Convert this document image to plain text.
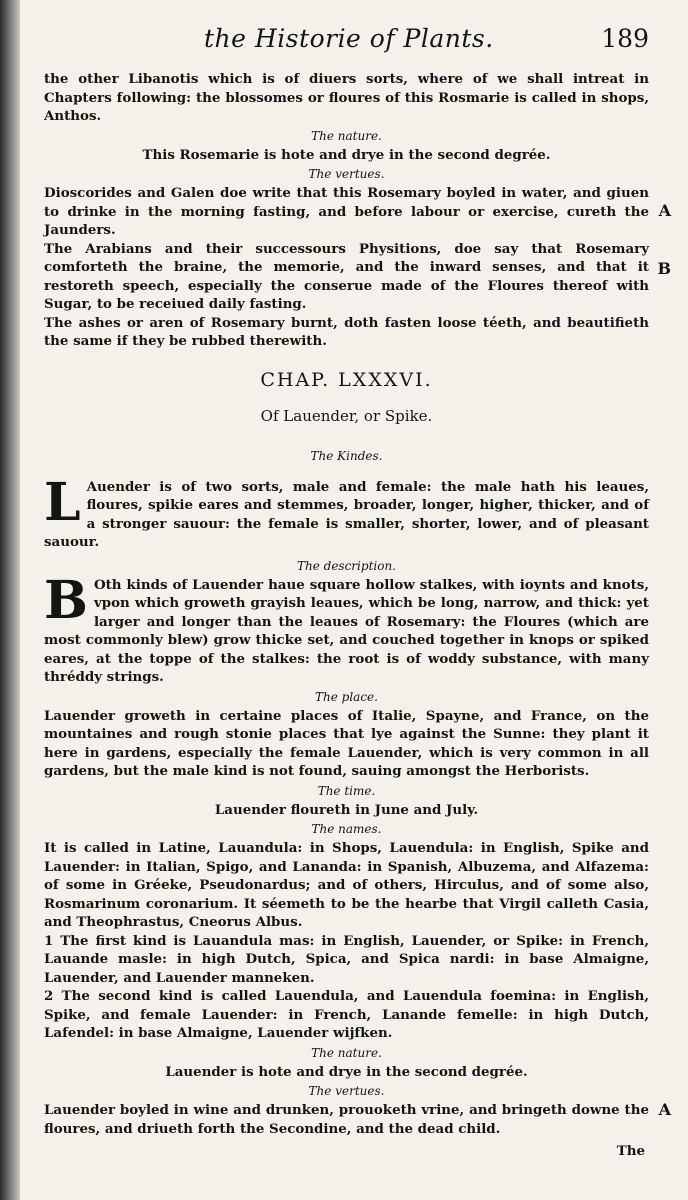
the Historie of Plants.	189

the other Libanotis which is of diuers sorts, where of we shall intreat in Chapters following: the blossomes or floures of this Rosmarie is called in shops, Anthos.

The nature.

This Rosemarie is hote and drye in the second degrée.

The vertues.

Dioscorides and Galen doe write that this Rosemary boyled in water, and giuen to drinke in the morning fasting, and before labour or exercise, cureth the Jaunders.

The Arabians and their successours Physitions, doe say that Rosemary comforteth the braine, the memorie, and the inward senses, and that it restoreth speech, especially the conserue made of the Floures thereof with Sugar, to be receiued daily fasting.

The ashes or aren of Rosemary burnt, doth fasten loose téeth, and beautifieth the same if they be rubbed therewith.

A
B
CHAP. LXXXVI.
Of Lauender, or Spike.
The Kindes.

L Auender is of two sorts, male and female: the male hath his leaues, floures, spikie eares and stemmes, broader, longer, higher, thicker, and of a stronger sauour: the female is smaller, shorter, lower, and of pleasant sauour.

The description.

B Oth kinds of Lauender haue square hollow stalkes, with ioynts and knots, vpon which groweth grayish leaues, which be long, narrow, and thick: yet larger and longer than the leaues of Rosemary: the Floures (which are most commonly blew) grow thicke set, and couched together in knops or spiked eares, at the toppe of the stalkes: the root is of woddy substance, with many thréddy strings.

The place.

Lauender groweth in certaine places of Italie, Spayne, and France, on the mountaines and rough stonie places that lye against the Sunne: they plant it here in gardens, especially the female Lauender, which is very common in all gardens, but the male kind is not found, sauing amongst the Herborists.

The time.

Lauender floureth in June and July.

The names.

It is called in Latine, Lauandula: in Shops, Lauendula: in English, Spike and Lauender: in Italian, Spigo, and Lananda: in Spanish, Albuzema, and Alfazema: of some in Gréeke, Pseudonardus; and of others, Hirculus, and of some also, Rosmarinum coronarium. It séemeth to be the hearbe that Virgil calleth Casia, and Theophrastus, Cneorus Albus.

1 The first kind is Lauandula mas: in English, Lauender, or Spike: in French, Lauande masle: in high Dutch, Spica, and Spica nardi: in base Almaigne, Lauender, and Lauender manneken.

2 The second kind is called Lauendula, and Lauendula foemina: in English, Spike, and female Lauender: in French, Lanande femelle: in high Dutch, Lafendel: in base Almaigne, Lauender wijfken.

The nature.

Lauender is hote and drye in the second degrée.

The vertues.

Lauender boyled in wine and drunken, prouoketh vrine, and bringeth downe the floures, and driueth forth the Secondine, and the dead child.

A
The
